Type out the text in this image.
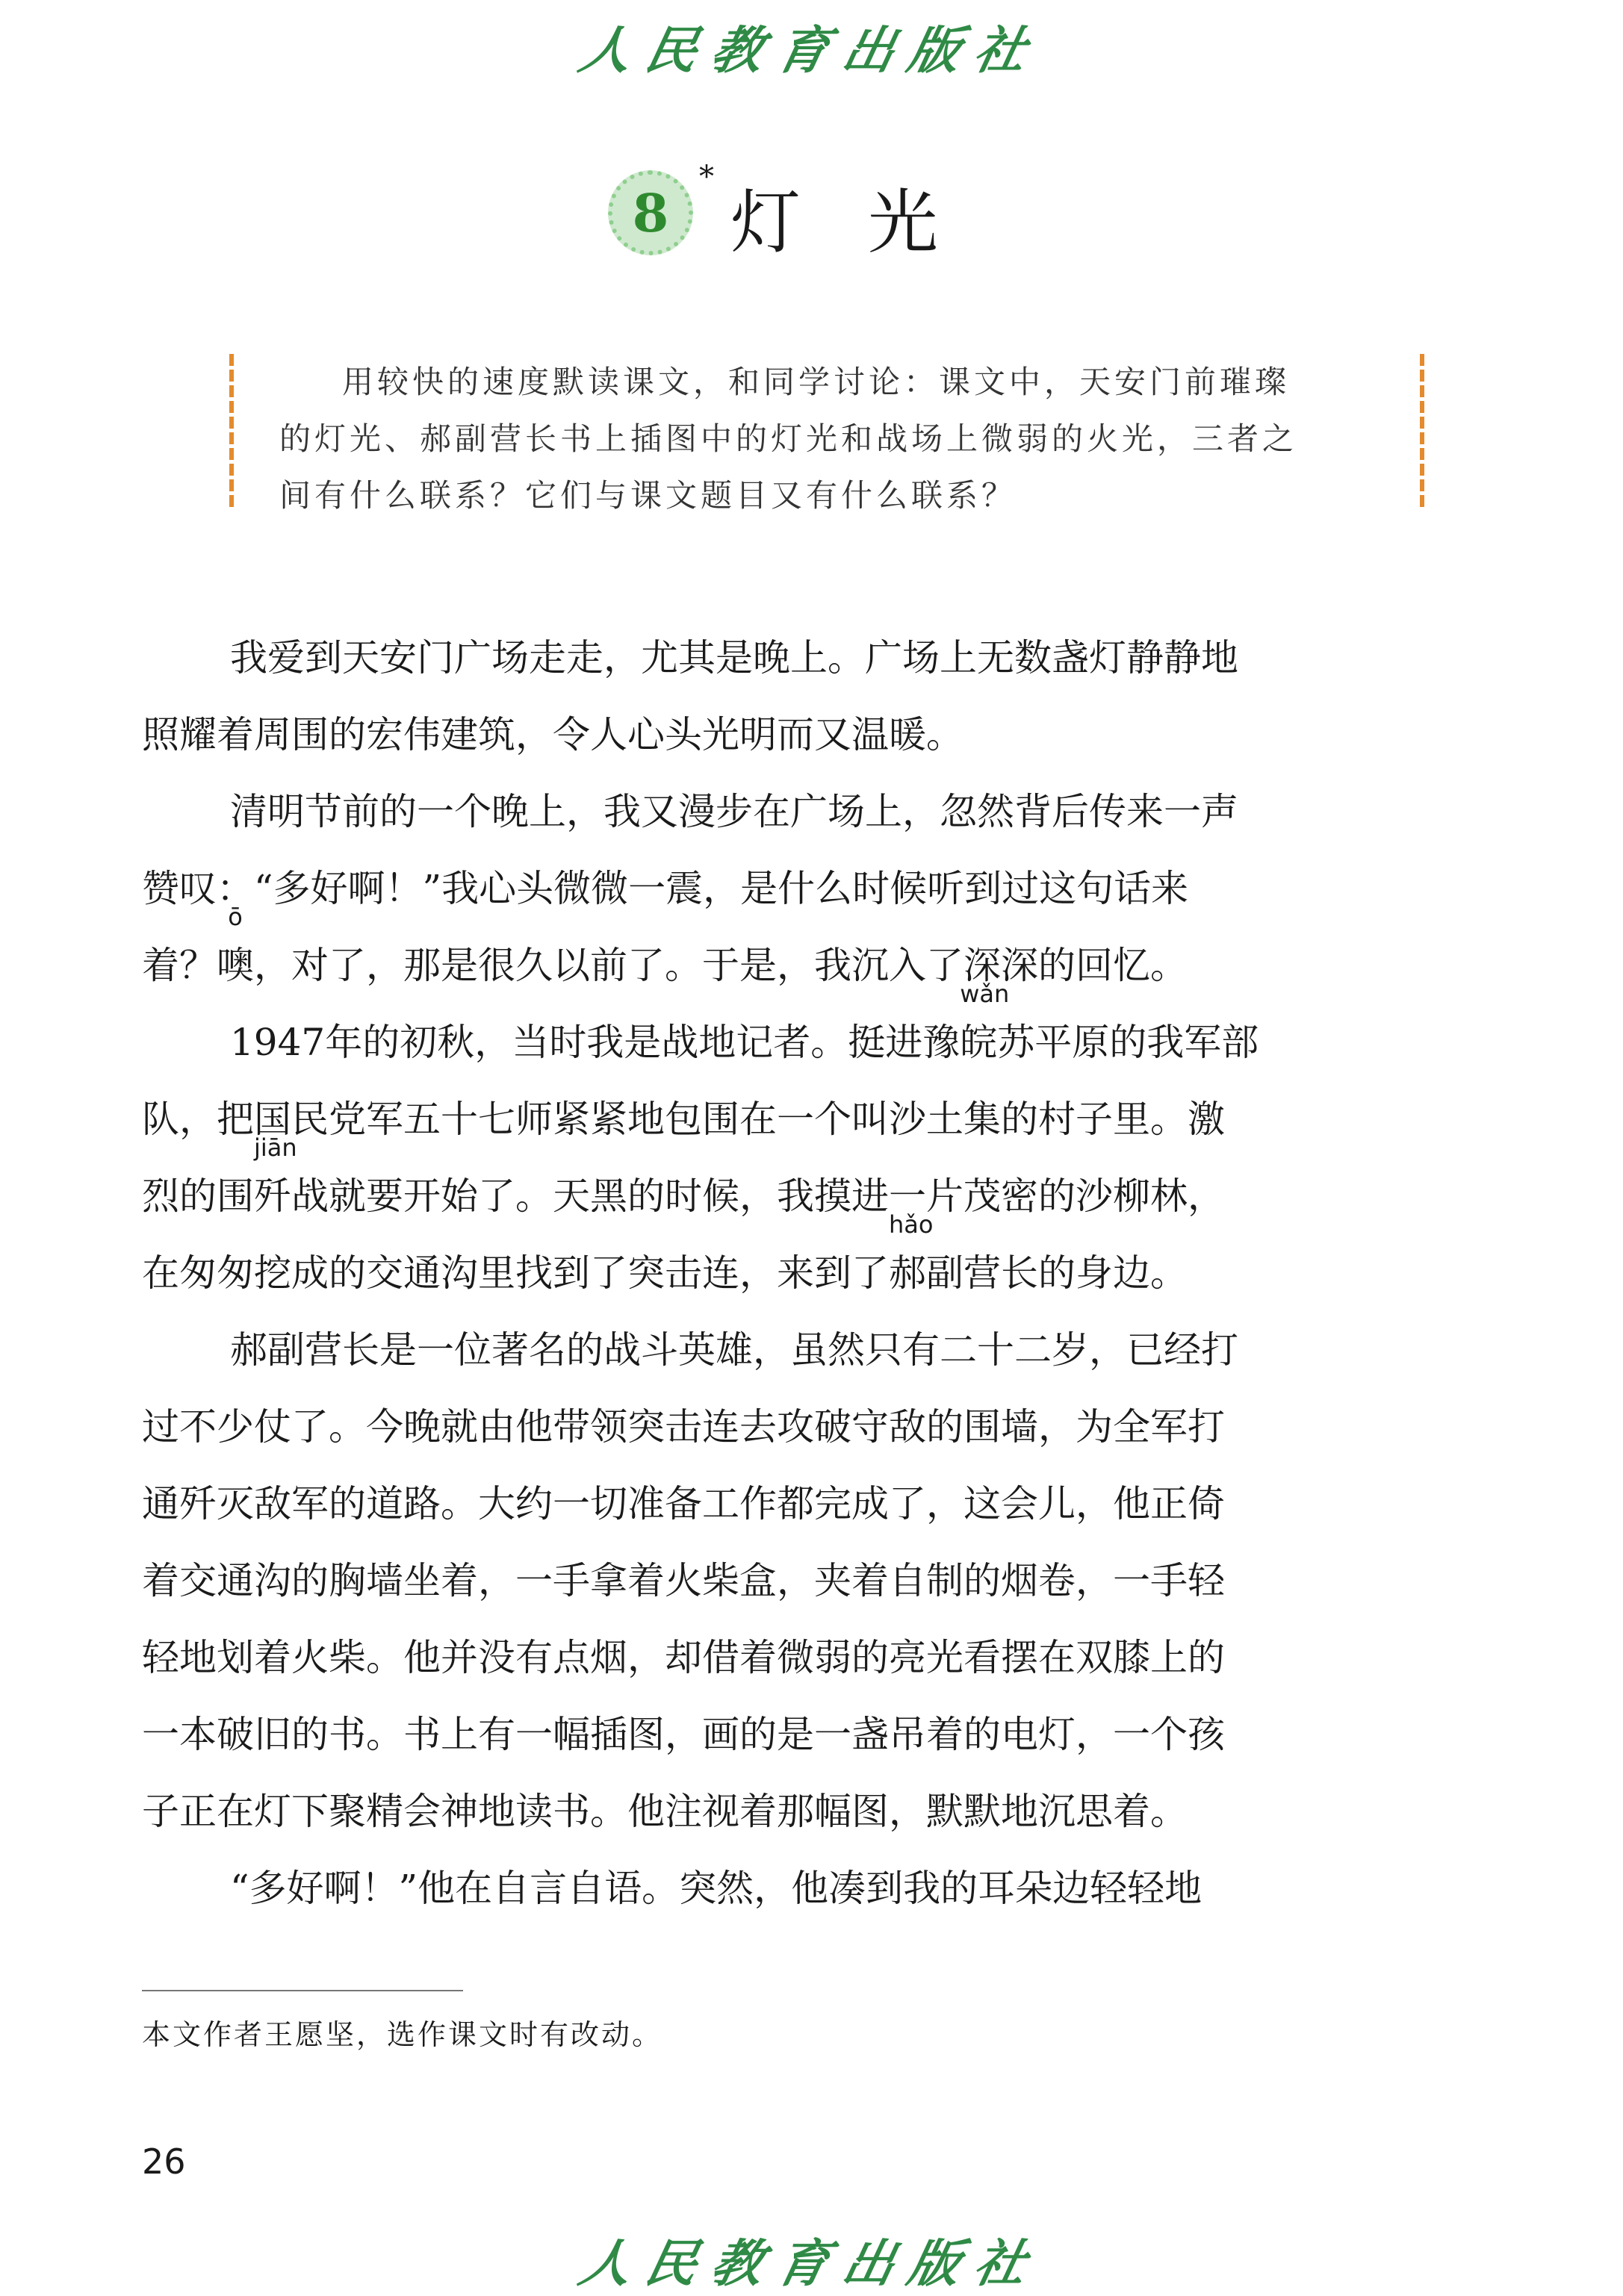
人民教育出版社
8
*
灯光
用较快的速度默读课文，和同学讨论：课文中，天安门前璀璨
的灯光、郝副营长书上插图中的灯光和战场上微弱的火光，三者之
间有什么联系？它们与课文题目又有什么联系？
我爱到天安门广场走走，尤其是晚上。广场上无数盏灯静静地
照耀着周围的宏伟建筑，令人心头光明而又温暖。
清明节前的一个晚上，我又漫步在广场上，忽然背后传来一声
赞叹：“多好啊！”我心头微微一震，是什么时候听到过这句话来
着？
ō
噢，对了，那是很久以前了。于是，我沉入了深深的回忆。
1947年的初秋，当时我是战地记者。挺进豫
wǎn
皖苏平原的我军部
队，把国民党军五十七师紧紧地包围在一个叫沙土集的村子里。激
烈的围
jiān
歼战就要开始了。天黑的时候，我摸进一片茂密的沙柳林，
在匆匆挖成的交通沟里找到了突击连，来到了
hǎo
郝副营长的身边。
郝副营长是一位著名的战斗英雄，虽然只有二十二岁，已经打
过不少仗了。今晚就由他带领突击连去攻破守敌的围墙，为全军打
通歼灭敌军的道路。大约一切准备工作都完成了，这会儿，他正倚
着交通沟的胸墙坐着，一手拿着火柴盒，夹着自制的烟卷，一手轻
轻地划着火柴。他并没有点烟，却借着微弱的亮光看摆在双膝上的
一本破旧的书。书上有一幅插图，画的是一盏吊着的电灯，一个孩
子正在灯下聚精会神地读书。他注视着那幅图，默默地沉思着。
“多好啊！”他在自言自语。突然，他凑到我的耳朵边轻轻地
本文作者王愿坚，选作课文时有改动。
26
人民教育出版社
